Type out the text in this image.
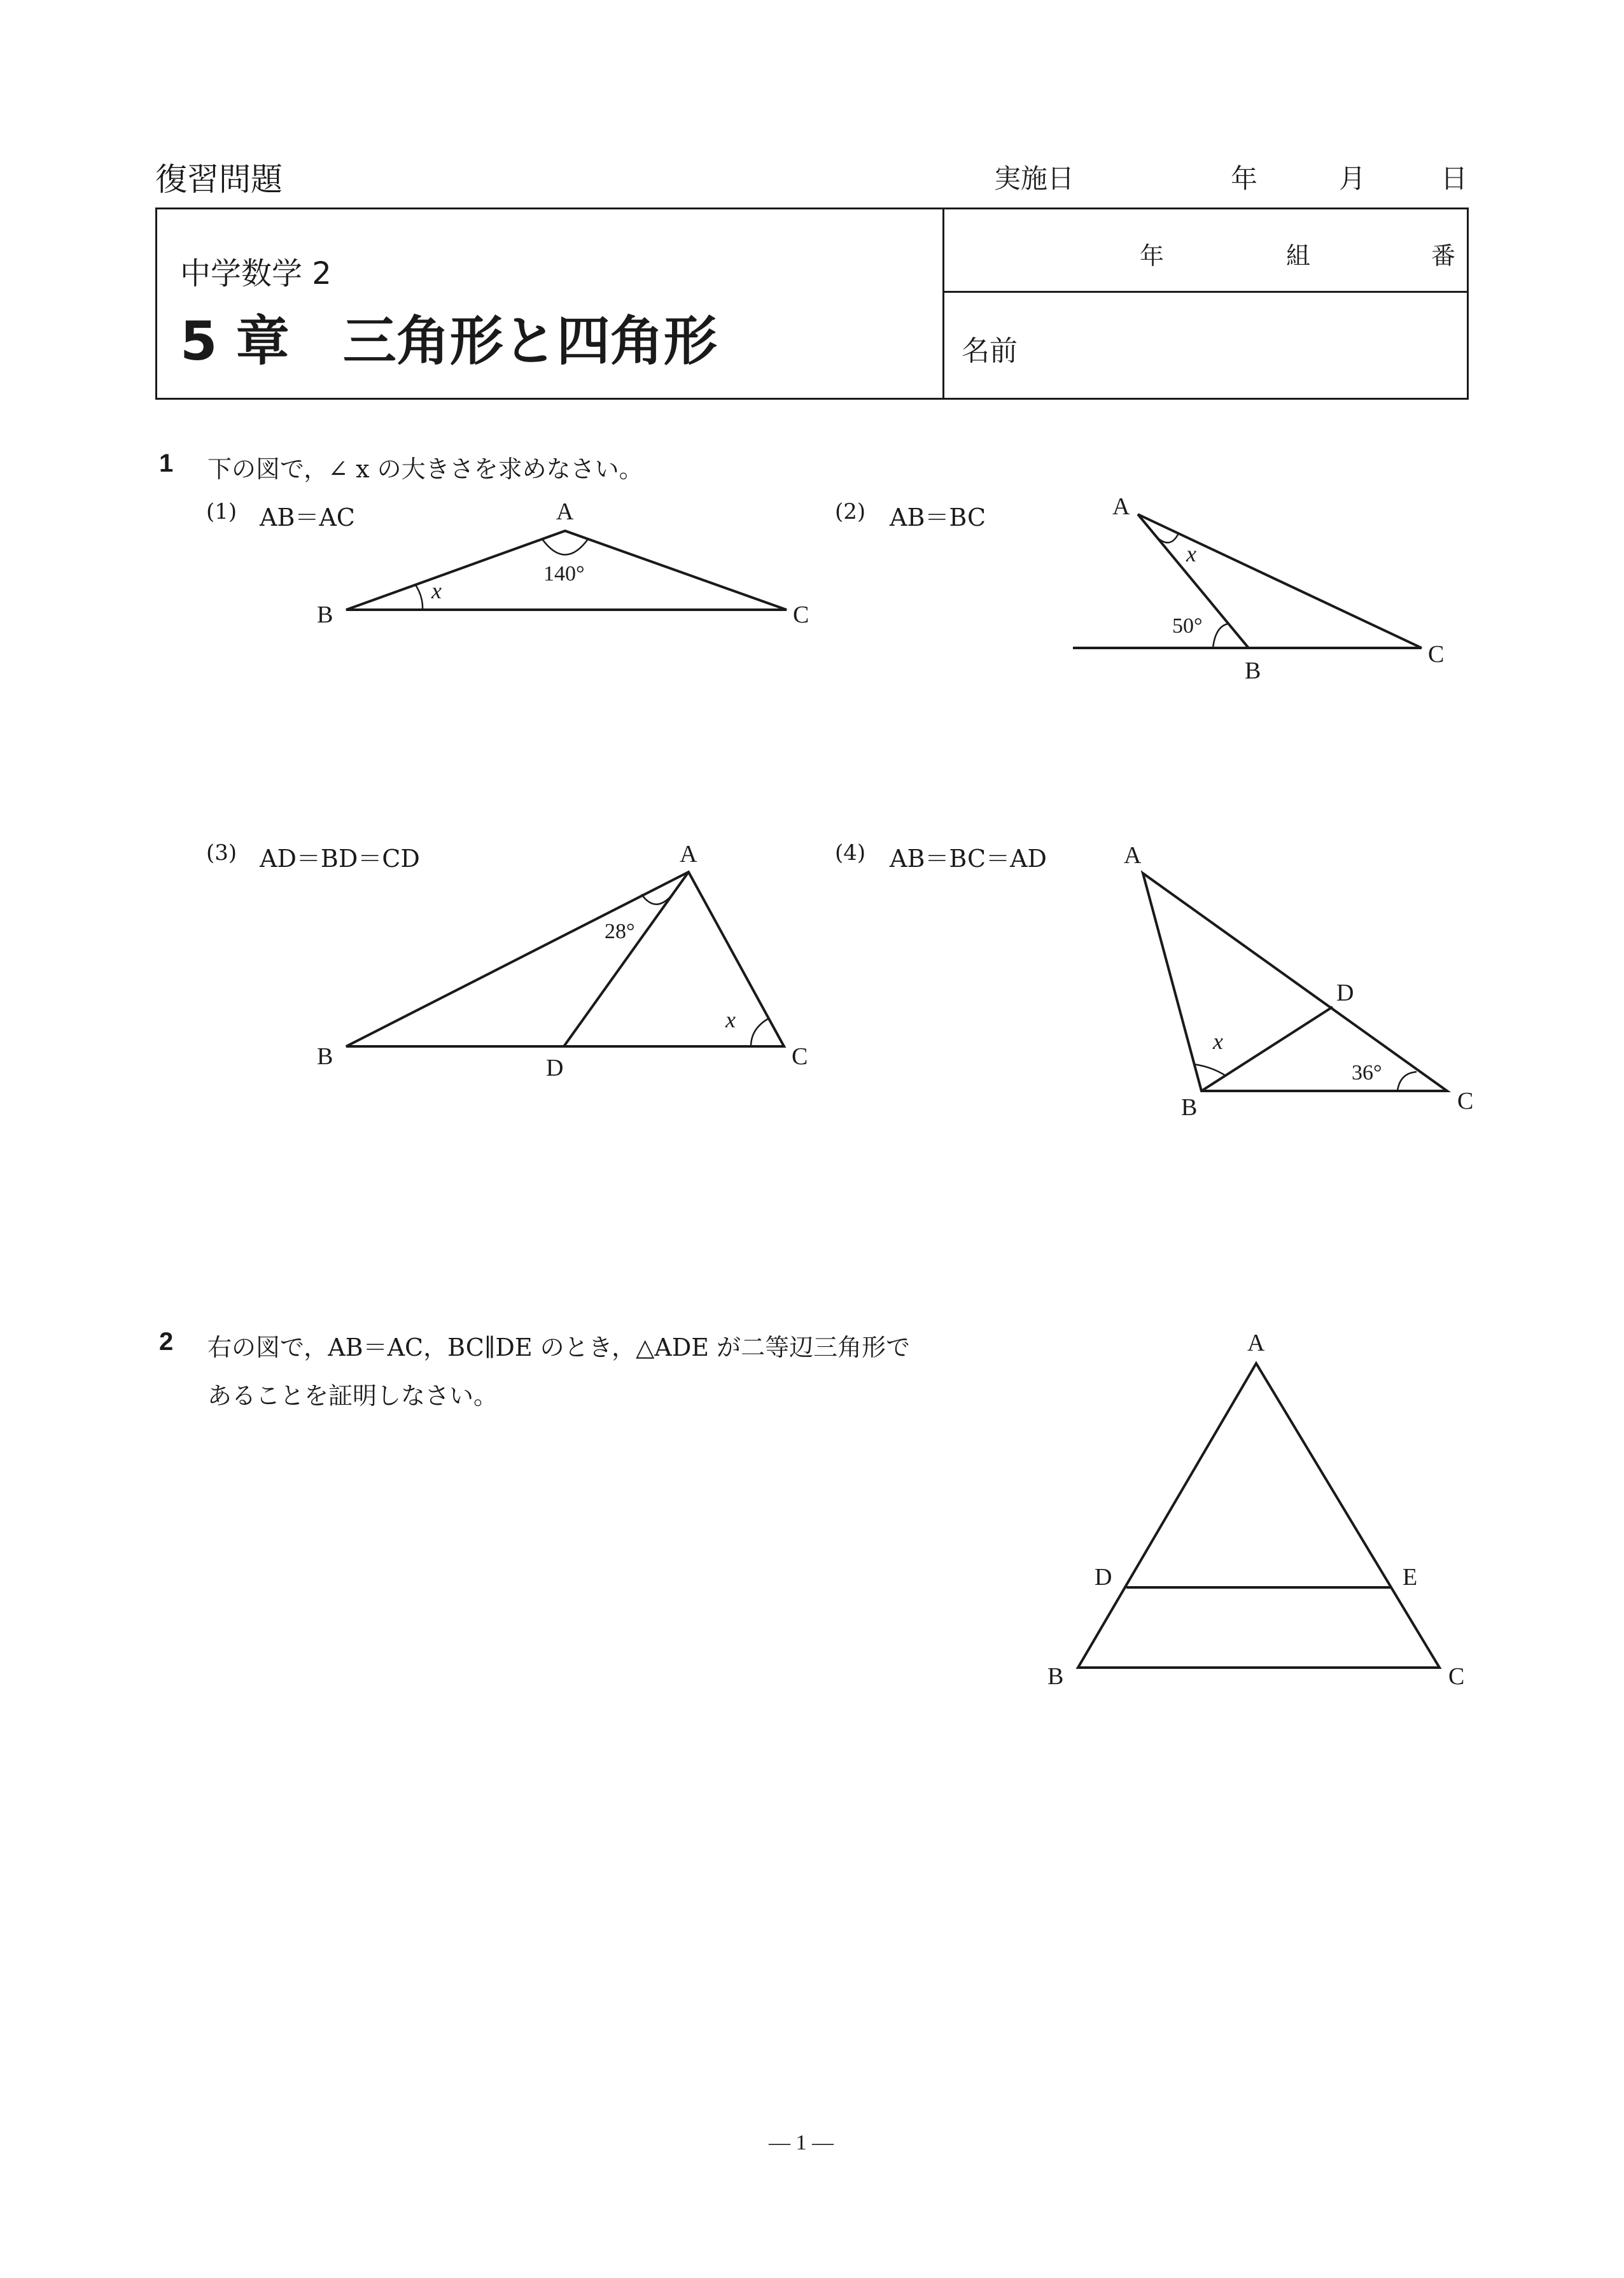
復習問題	実施日	年	月	日
中学数学 2
5 章　三角形と四角形
年	組	番
名前
1 下の図で，∠ x の大きさを求めなさい。
(1) AB＝AC	(2) AB＝BC
(3) AD＝BD＝CD	(4) AB＝BC＝AD
2 右の図で，AB＝AC，BC∥DE のとき，△ADE が二等辺三角形で
あることを証明しなさい。
A
B	C
140°
x
A
B
C
50°
x
A
B	C
D
28°
x
A
B	C
D
36°
x
A
B	C
D	E
— 1 —
